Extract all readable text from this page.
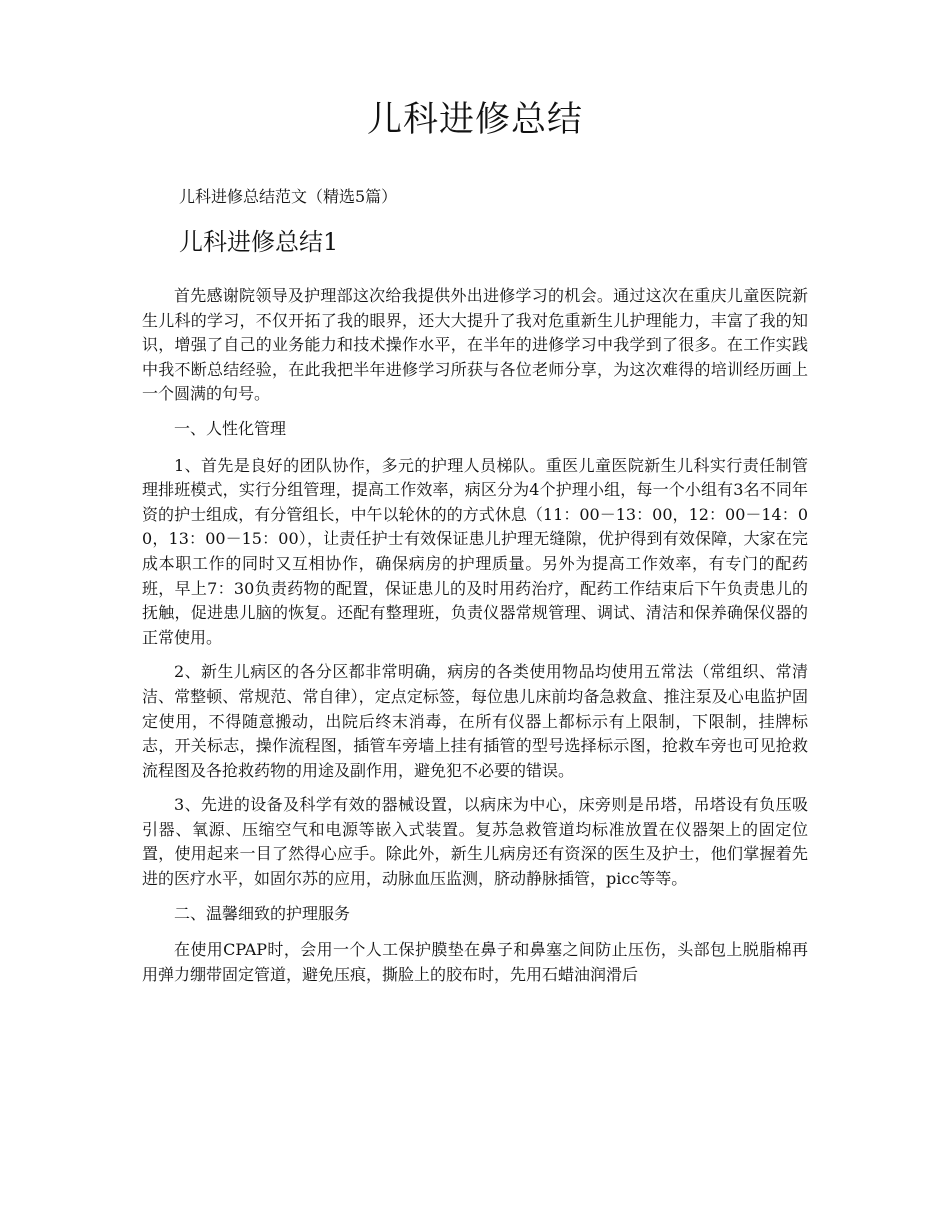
儿科进修总结

儿科进修总结范文（精选5篇）

儿科进修总结1

首先感谢院领导及护理部这次给我提供外出进修学习的机会。通过这次在重庆儿童医院新生儿科的学习，不仅开拓了我的眼界，还大大提升了我对危重新生儿护理能力，丰富了我的知识，增强了自己的业务能力和技术操作水平，在半年的进修学习中我学到了很多。在工作实践中我不断总结经验，在此我把半年进修学习所获与各位老师分享，为这次难得的培训经历画上一个圆满的句号。

一、人性化管理

1、首先是良好的团队协作，多元的护理人员梯队。重医儿童医院新生儿科实行责任制管理排班模式，实行分组管理，提高工作效率，病区分为4个护理小组，每一个小组有3名不同年资的护士组成，有分管组长，中午以轮休的的方式休息（11：00－13：00，12：00－14：00，13：00－15：00），让责任护士有效保证患儿护理无缝隙，优护得到有效保障，大家在完成本职工作的同时又互相协作，确保病房的护理质量。另外为提高工作效率，有专门的配药班，早上7：30负责药物的配置，保证患儿的及时用药治疗，配药工作结束后下午负责患儿的抚触，促进患儿脑的恢复。还配有整理班，负责仪器常规管理、调试、清洁和保养确保仪器的正常使用。

2、新生儿病区的各分区都非常明确，病房的各类使用物品均使用五常法（常组织、常清洁、常整顿、常规范、常自律），定点定标签，每位患儿床前均备急救盒、推注泵及心电监护固定使用，不得随意搬动，出院后终末消毒，在所有仪器上都标示有上限制，下限制，挂牌标志，开关标志，操作流程图，插管车旁墙上挂有插管的型号选择标示图，抢救车旁也可见抢救流程图及各抢救药物的用途及副作用，避免犯不必要的错误。

3、先进的设备及科学有效的器械设置，以病床为中心，床旁则是吊塔，吊塔设有负压吸引器、氧源、压缩空气和电源等嵌入式装置。复苏急救管道均标准放置在仪器架上的固定位置，使用起来一目了然得心应手。除此外，新生儿病房还有资深的医生及护士，他们掌握着先进的医疗水平，如固尔苏的应用，动脉血压监测，脐动静脉插管，picc等等。

二、温馨细致的护理服务

在使用CPAP时，会用一个人工保护膜垫在鼻子和鼻塞之间防止压伤，头部包上脱脂棉再用弹力绷带固定管道，避免压痕，撕脸上的胶布时，先用石蜡油润滑后
